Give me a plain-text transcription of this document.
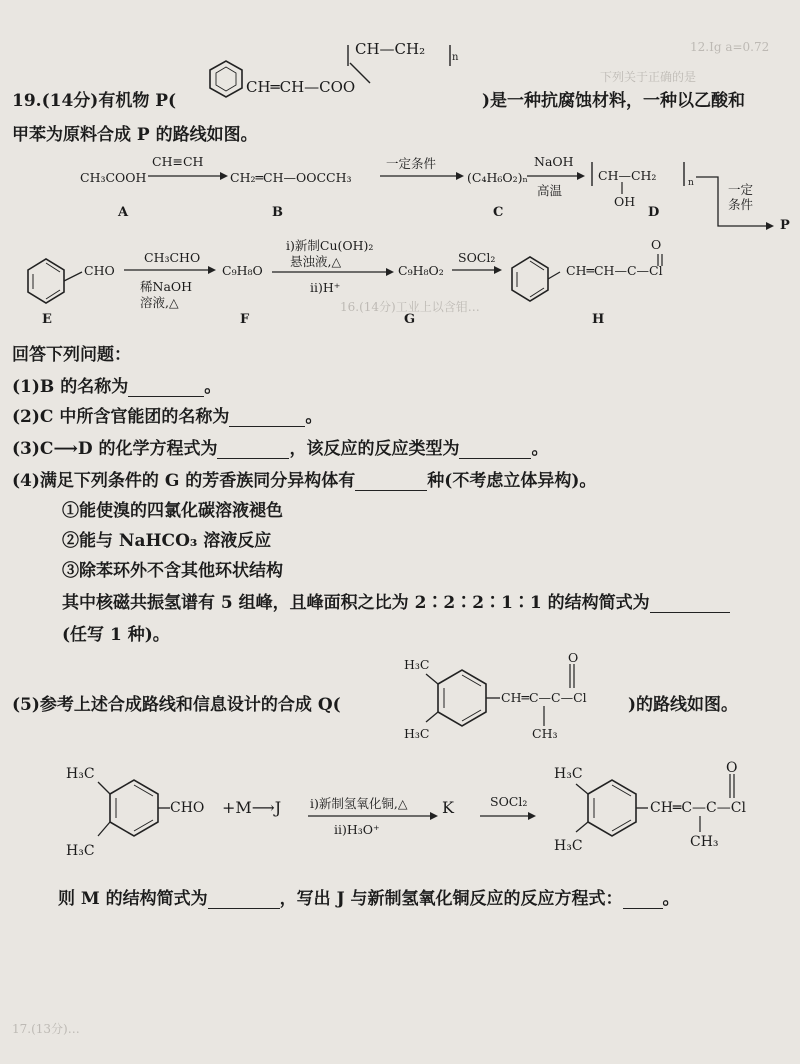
12.Ig a=0.72
下列关于正确的是
16.(14分)工业上以含钼…
17.(13分)…
19.(14分)有机物 P(
CH—CH₂	n
CH═CH—COO
)是一种抗腐蚀材料，一种以乙酸和
甲苯为原料合成 P 的路线如图。
CH₃COOH
A
CH≡CH
CH₂═CH—OOCCH₃
B
一定条件
(C₄H₆O₂)ₙ
C
NaOH
高温
→ CH—CH₂
OH
n
D
一定条件
P
CHO
E
CH₃CHO
稀NaOH
溶液,△
C₉H₈O
F
ⅰ)新制Cu(OH)₂
悬浊液,△
ⅱ)H⁺
C₉H₈O₂
G
SOCl₂
CH═CH—C—Cl
O
H
回答下列问题：
(1)B 的名称为	。
(2)C 中所含官能团的名称为	。
(3)C⟶D 的化学方程式为	，该反应的反应类型为	。
(4)满足下列条件的 G 的芳香族同分异构体有	种(不考虑立体异构)。
①能使溴的四氯化碳溶液褪色
②能与 NaHCO₃ 溶液反应
③除苯环外不含其他环状结构
其中核磁共振氢谱有 5 组峰，且峰面积之比为 2∶2∶2∶1∶1 的结构简式为
(任写 1 种)。
(5)参考上述合成路线和信息设计的合成 Q(
H₃C
H₃C
CH═C—C—Cl
O
CH₃
)的路线如图。
H₃C
H₃C
CHO +M⟶J ⅰ)新制氢氧化铜,△
ⅱ)H₃O⁺
K	SOCl₂
H₃C
H₃C
CH═C—C—Cl
O
CH₃
则 M 的结构简式为	，写出 J 与新制氢氧化铜反应的反应方程式： 。
